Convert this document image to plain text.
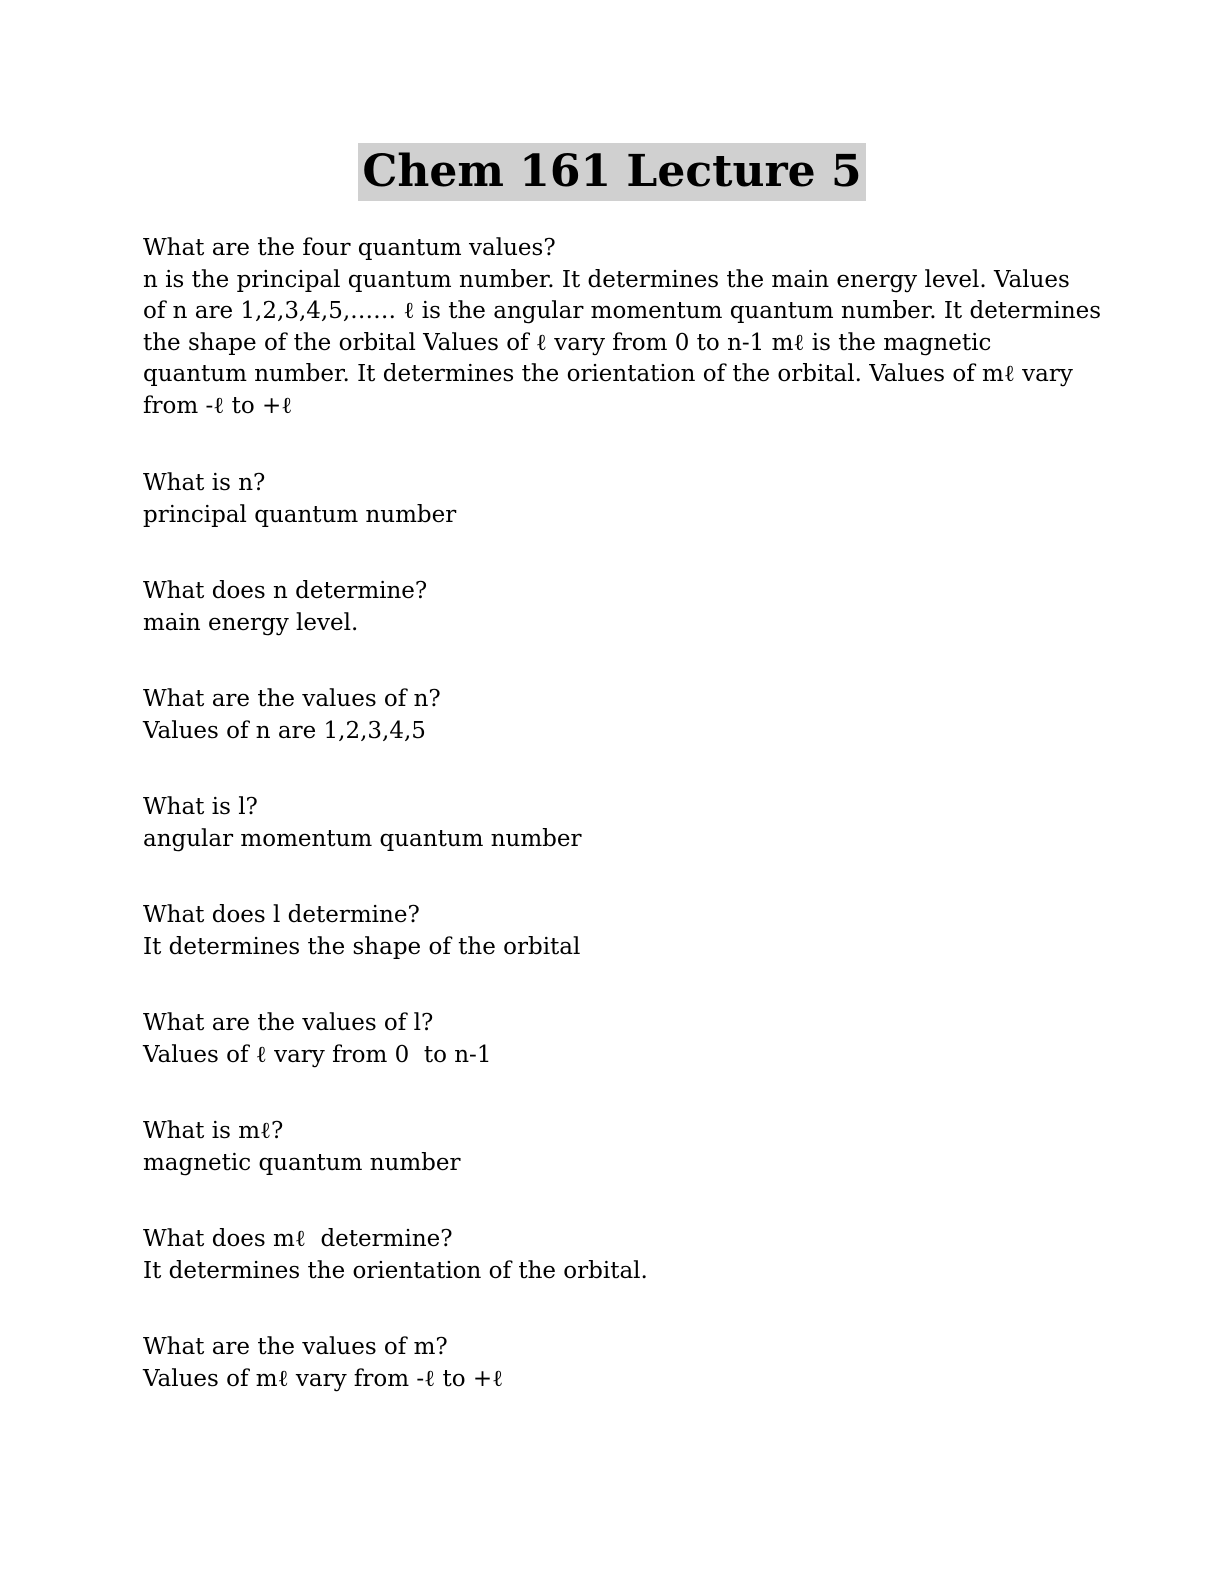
Chem 161 Lecture 5
What are the four quantum values?
n is the principal quantum number. It determines the main energy level. Values
of n are 1,2,3,4,5,…… ℓ is the angular momentum quantum number. It determines
the shape of the orbital Values of ℓ vary from 0 to n-1 mℓ is the magnetic
quantum number. It determines the orientation of the orbital. Values of mℓ vary
from -ℓ to +ℓ
What is n?
principal quantum number
What does n determine?
main energy level.
What are the values of n?
Values of n are 1,2,3,4,5
What is l?
angular momentum quantum number
What does l determine?
It determines the shape of the orbital
What are the values of l?
Values of ℓ vary from 0  to n-1
What is mℓ?
magnetic quantum number
What does mℓ  determine?
It determines the orientation of the orbital.
What are the values of m?
Values of mℓ vary from -ℓ to +ℓ
